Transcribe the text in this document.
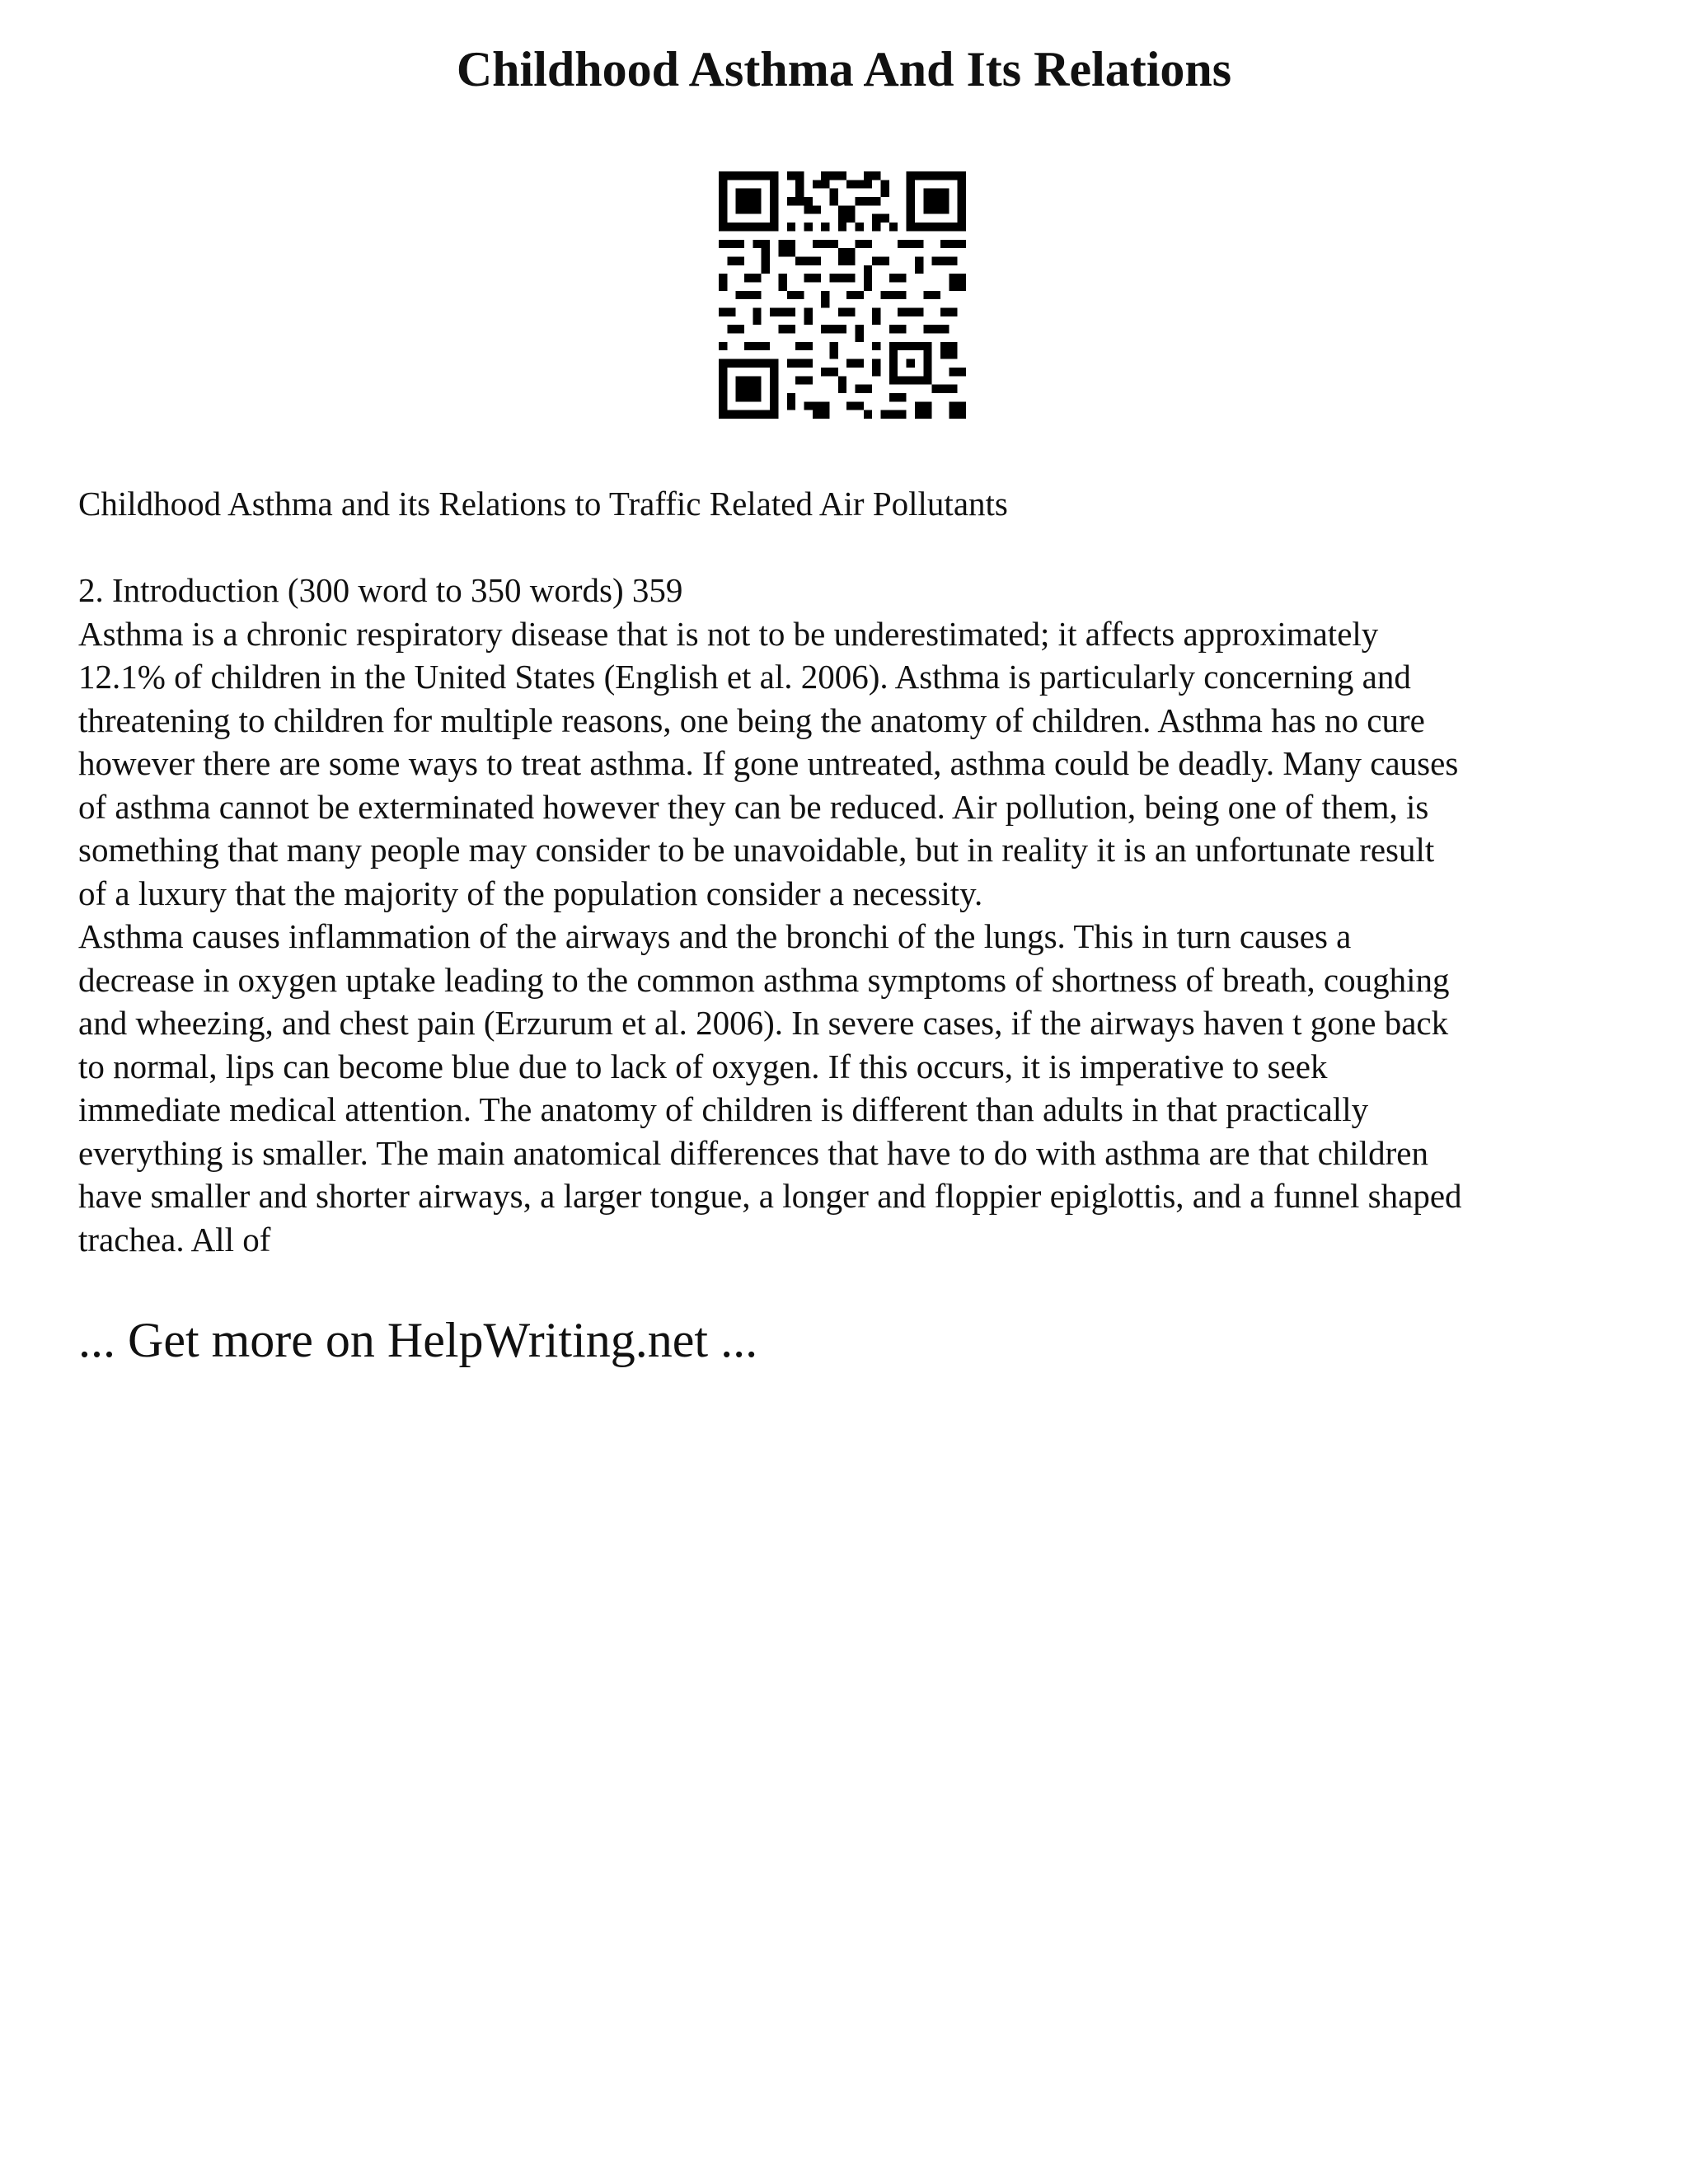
Childhood Asthma And Its Relations

Childhood Asthma and its Relations to Traffic Related Air Pollutants

2. Introduction (300 word to 350 words) 359
Asthma is a chronic respiratory disease that is not to be underestimated; it affects approximately
12.1% of children in the United States (English et al. 2006). Asthma is particularly concerning and
threatening to children for multiple reasons, one being the anatomy of children. Asthma has no cure
however there are some ways to treat asthma. If gone untreated, asthma could be deadly. Many causes
of asthma cannot be exterminated however they can be reduced. Air pollution, being one of them, is
something that many people may consider to be unavoidable, but in reality it is an unfortunate result
of a luxury that the majority of the population consider a necessity.
Asthma causes inflammation of the airways and the bronchi of the lungs. This in turn causes a
decrease in oxygen uptake leading to the common asthma symptoms of shortness of breath, coughing
and wheezing, and chest pain (Erzurum et al. 2006). In severe cases, if the airways haven t gone back
to normal, lips can become blue due to lack of oxygen. If this occurs, it is imperative to seek
immediate medical attention. The anatomy of children is different than adults in that practically
everything is smaller. The main anatomical differences that have to do with asthma are that children
have smaller and shorter airways, a larger tongue, a longer and floppier epiglottis, and a funnel shaped
trachea. All of
... Get more on HelpWriting.net ...
